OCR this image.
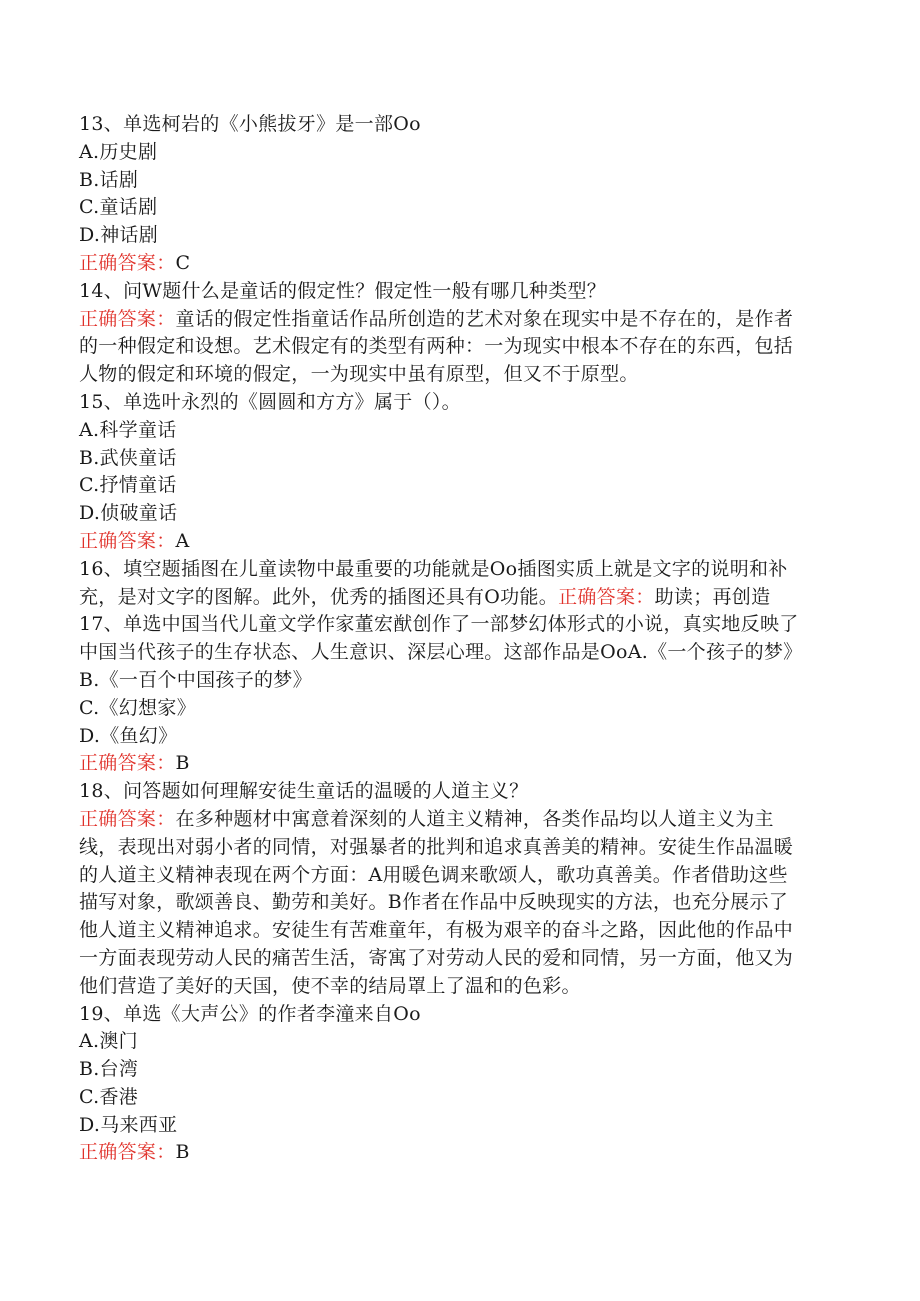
13、单选柯岩的《小熊拔牙》是一部Oo
A.历史剧
B.话剧
C.童话剧
D.神话剧
正确答案：C
14、问W题什么是童话的假定性？假定性一般有哪几种类型？
正确答案：童话的假定性指童话作品所创造的艺术对象在现实中是不存在的，是作者
的一种假定和设想。艺术假定有的类型有两种：一为现实中根本不存在的东西，包括
人物的假定和环境的假定，一为现实中虽有原型，但又不于原型。
15、单选叶永烈的《圆圆和方方》属于（）。
A.科学童话
B.武侠童话
C.抒情童话
D.侦破童话
正确答案：A
16、填空题插图在儿童读物中最重要的功能就是Oo插图实质上就是文字的说明和补
充，是对文字的图解。此外，优秀的插图还具有O功能。正确答案：助读；再创造
17、单选中国当代儿童文学作家董宏猷创作了一部梦幻体形式的小说，真实地反映了
中国当代孩子的生存状态、人生意识、深层心理。这部作品是OoA.《一个孩子的梦》
B.《一百个中国孩子的梦》
C.《幻想家》
D.《鱼幻》
正确答案：B
18、问答题如何理解安徒生童话的温暖的人道主义？
正确答案：在多种题材中寓意着深刻的人道主义精神，各类作品均以人道主义为主
线，表现出对弱小者的同情，对强暴者的批判和追求真善美的精神。安徒生作品温暖
的人道主义精神表现在两个方面：A用暖色调来歌颂人，歌功真善美。作者借助这些
描写对象，歌颂善良、勤劳和美好。B作者在作品中反映现实的方法，也充分展示了
他人道主义精神追求。安徒生有苦难童年，有极为艰辛的奋斗之路，因此他的作品中
一方面表现劳动人民的痛苦生活，寄寓了对劳动人民的爱和同情，另一方面，他又为
他们营造了美好的天国，使不幸的结局罩上了温和的色彩。
19、单选《大声公》的作者李潼来自Oo
A.澳门
B.台湾
C.香港
D.马来西亚
正确答案：B
